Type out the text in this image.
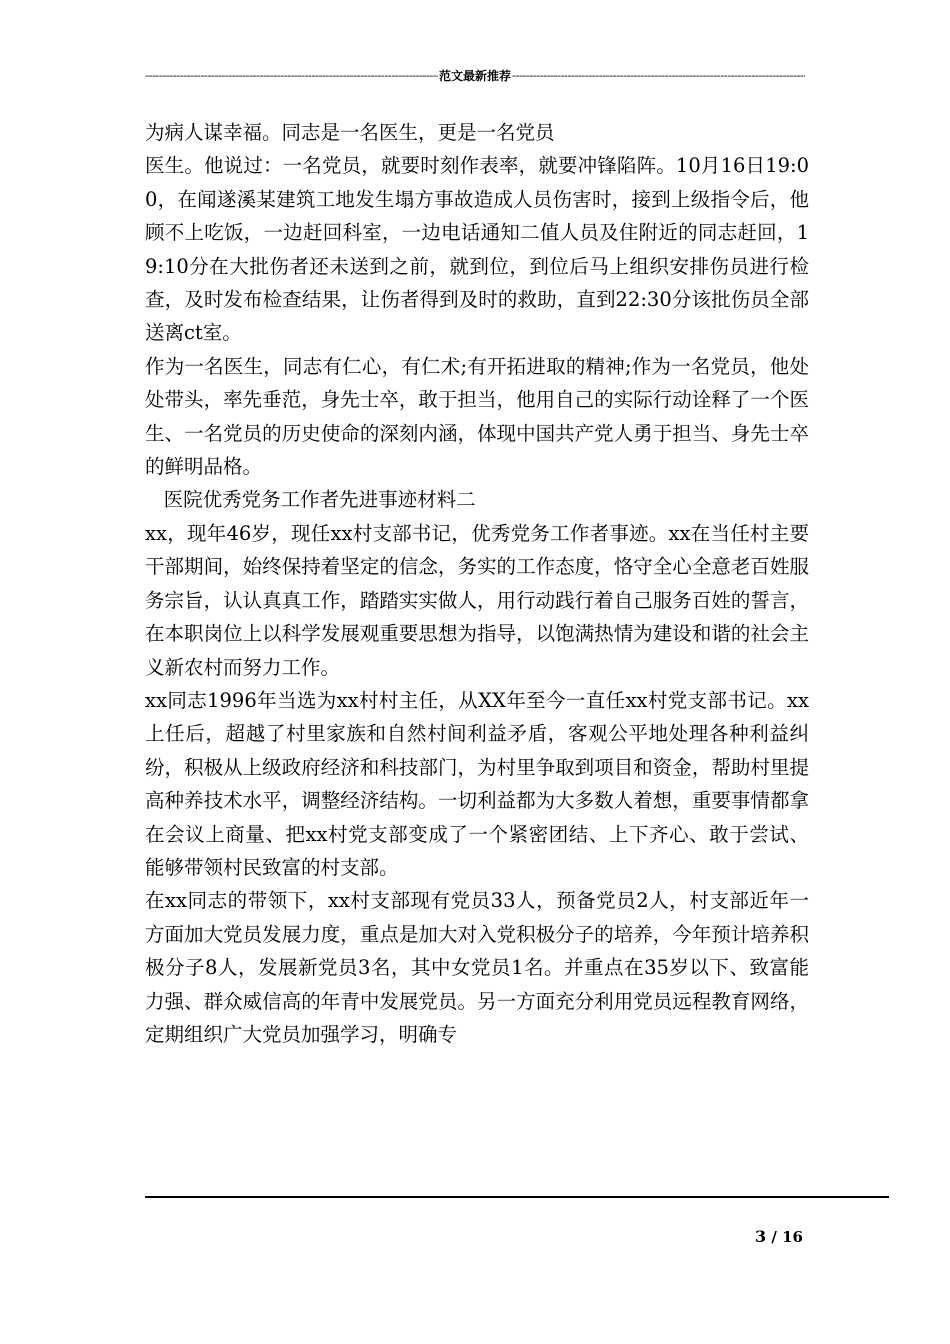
-----
范文最新推荐
-----

为病人谋幸福。同志是一名医生，更是一名党员

医生。他说过：一名党员，就要时刻作表率，就要冲锋陷阵。10月16日19:00，在闻遂溪某建筑工地发生塌方事故造成人员伤害时，接到上级指令后，他顾不上吃饭，一边赶回科室，一边电话通知二值人员及住附近的同志赶回，19:10分在大批伤者还未送到之前，就到位，到位后马上组织安排伤员进行检查，及时发布检查结果，让伤者得到及时的救助，直到22:30分该批伤员全部送离ct室。

作为一名医生，同志有仁心，有仁术;有开拓进取的精神;作为一名党员，他处处带头，率先垂范，身先士卒，敢于担当，他用自己的实际行动诠释了一个医生、一名党员的历史使命的深刻内涵，体现中国共产党人勇于担当、身先士卒的鲜明品格。

医院优秀党务工作者先进事迹材料二

xx，现年46岁，现任xx村支部书记，优秀党务工作者事迹。xx在当任村主要干部期间，始终保持着坚定的信念，务实的工作态度，恪守全心全意老百姓服务宗旨，认认真真工作，踏踏实实做人，用行动践行着自己服务百姓的誓言，在本职岗位上以科学发展观重要思想为指导，以饱满热情为建设和谐的社会主义新农村而努力工作。

xx同志1996年当选为xx村村主任，从XX年至今一直任xx村党支部书记。xx上任后，超越了村里家族和自然村间利益矛盾，客观公平地处理各种利益纠纷，积极从上级政府经济和科技部门，为村里争取到项目和资金，帮助村里提高种养技术水平，调整经济结构。一切利益都为大多数人着想，重要事情都拿在会议上商量、把xx村党支部变成了一个紧密团结、上下齐心、敢于尝试、能够带领村民致富的村支部。

在xx同志的带领下，xx村支部现有党员33人，预备党员2人，村支部近年一方面加大党员发展力度，重点是加大对入党积极分子的培养，今年预计培养积极分子8人，发展新党员3名，其中女党员1名。并重点在35岁以下、致富能力强、群众威信高的年青中发展党员。另一方面充分利用党员远程教育网络，定期组织广大党员加强学习，明确专

3 / 16
